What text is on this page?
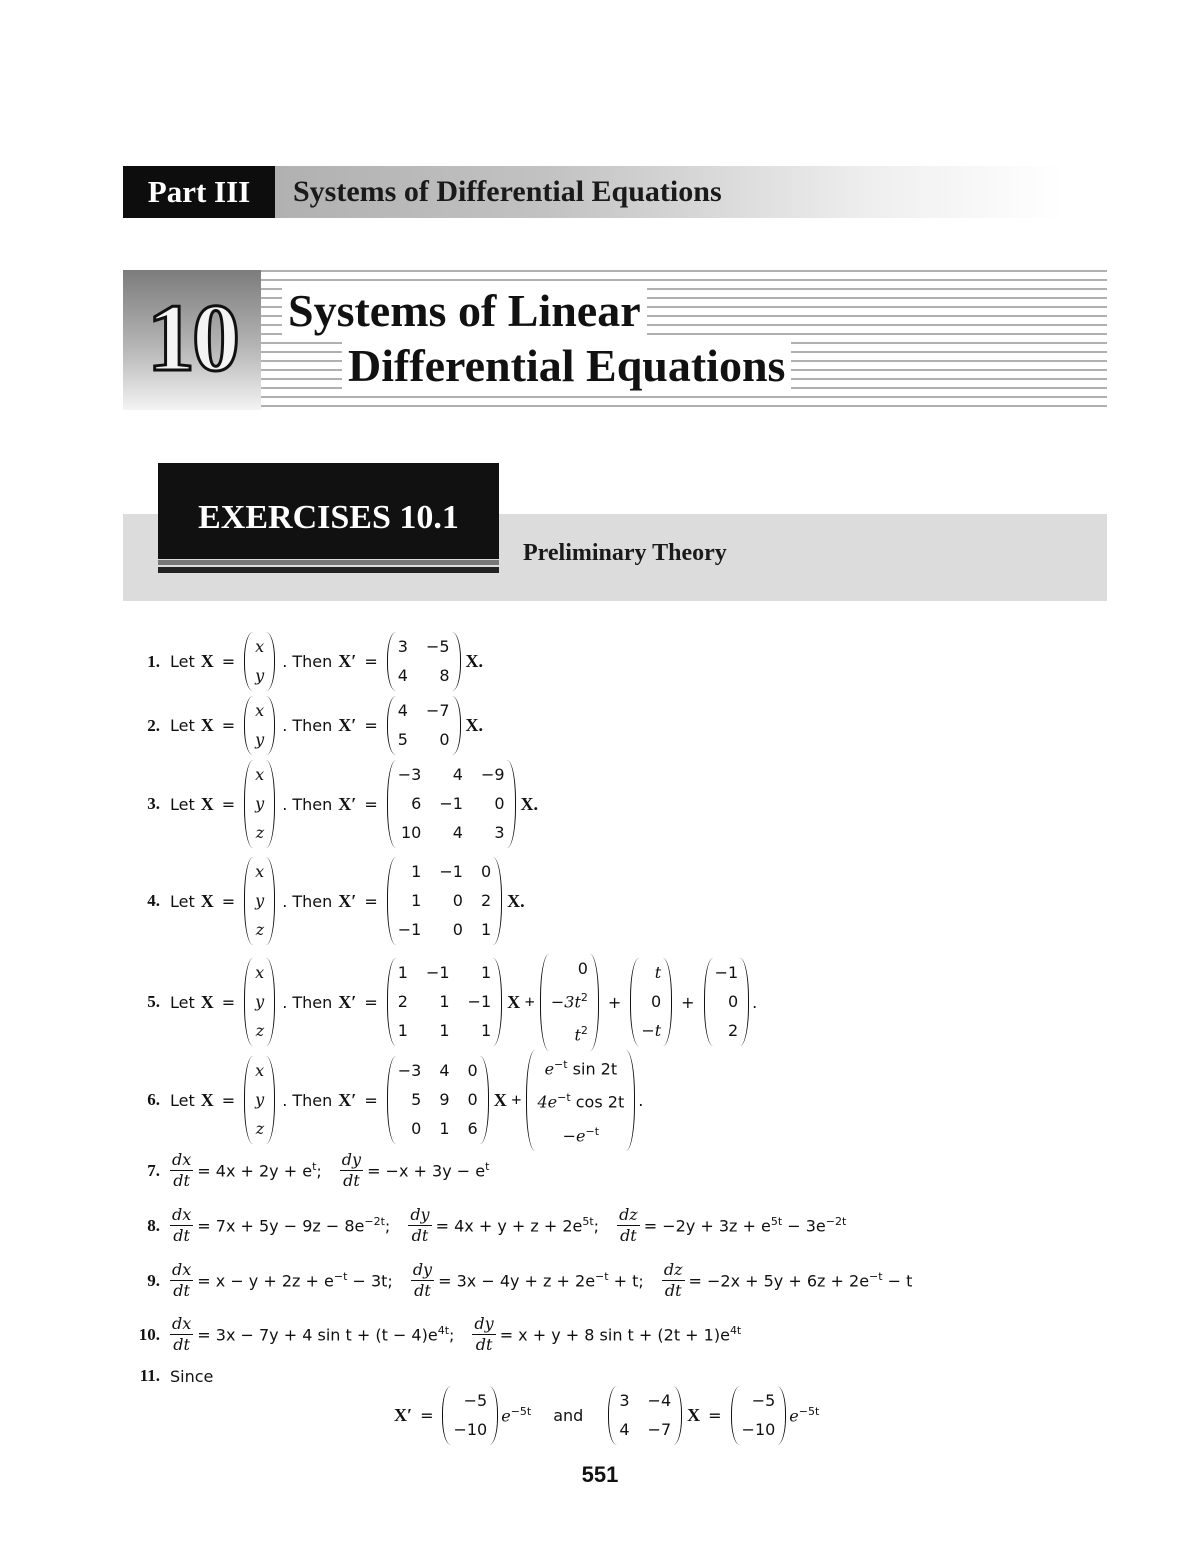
Part III	Systems of Differential Equations
10	Systems of Linear
Differential Equations
EXERCISES 10.1
Preliminary Theory
1. Let X =
x
y
. Then X′ =
3 −5
4	8
X.
2. Let X =
x
y
. Then X′ =
4 −7
5	0
X.
3. Let X =
x
y
z
. Then X′ =
−3	4 −9
6 −1	0
10	4	3
X.
4. Let X =
x
y
z
. Then X′ =
1 −1 0
1	0 2
−1	0 1
X.
5. Let X =
x
y
z
. Then X′ =
1 −1	1
2	1 −1
1	1	1
X +
0
$-3t^2$
$t^2$
+
t
0
−t
+
−1
0
2
.
6. Let X =
x
y
z
. Then X′ =
−3 4 0
5 9 0
0 1 6
X +
$e^{-t}$ sin 2t
$4e^{-t}$ cos 2t
$-e^{-t}$
.
7. $\frac{dx}{dt} = 4x + 2y + e^t$; $\frac{dy}{dt} = -x + 3y - e^t$
8. $\frac{dx}{dt} = 7x + 5y - 9z - 8e^{-2t}$; $\frac{dy}{dt} = 4x + y + z + 2e^{5t}$; $\frac{dz}{dt} = -2y + 3z + e^{5t} - 3e^{-2t}$
9. $\frac{dx}{dt} = x - y + 2z + e^{-t} - 3t$; $\frac{dy}{dt} = 3x - 4y + z + 2e^{-t} + t$; $\frac{dz}{dt} = -2x + 5y + 6z + 2e^{-t} - t$
10. $\frac{dx}{dt} = 3x - 7y + 4$ $\sin t + (t - 4)e^{4t}$; $\frac{dy}{dt} = x + y + 8$ $\sin t + (2t + 1)e^{4t}$
11. Since
X′ =
−5
−10
$e^{-5t}$ and
3 −4
4 −7
X =
−5
−10
$e^{-5t}$
551
